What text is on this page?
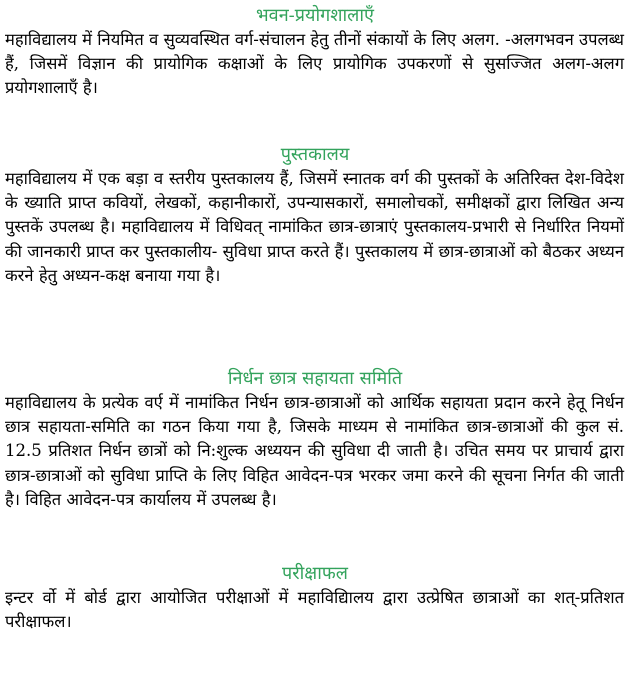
भवन-प्रयोगशालाएँ

महाविद्यालय में नियमित व सुव्यवस्थित वर्ग-संचालन हेतु तीनों संकायों के लिए अलग. -अलगभवन उपलब्ध हैं, जिसमें विज्ञान की प्रायोगिक कक्षाओं के लिए प्रायोगिक उपकरणों से सुसज्जित अलग-अलग प्रयोगशालाएँ है।

पुस्तकालय

महाविद्यालय में एक बड़ा व स्तरीय पुस्तकालय हैं, जिसमें स्नातक वर्ग की पुस्तकों के अतिरिक्त देश-विदेश के ख्याति प्राप्त कवियों, लेखकों, कहानीकारों, उपन्यासकारों, समालोचकों, समीक्षकों द्वारा लिखित अन्य पुस्तकें उपलब्ध है। महाविद्यालय में विधिवत् नामांकित छात्र-छात्राएं पुस्तकालय-प्रभारी से निर्धारित नियमों की जानकारी प्राप्त कर पुस्तकालीय- सुविधा प्राप्त करते हैं। पुस्तकालय में छात्र-छात्राओं को बैठकर अध्यन करने हेतु अध्यन-कक्ष बनाया गया है।

निर्धन छात्र सहायता समिति

महाविद्यालय के प्रत्येक वर्ए में नामांकित निर्धन छात्र-छात्राओं को आर्थिक सहायता प्रदान करने हेतू निर्धन छात्र सहायता-समिति का गठन किया गया है, जिसके माध्यम से नामांकित छात्र-छात्राओं की कुल सं. 12.5 प्रतिशत निर्धन छात्रों को नि:शुल्क अध्ययन की सुविधा दी जाती है। उचित समय पर प्राचार्य द्वारा छात्र-छात्राओं को सुविधा प्राप्ति के लिए विहित आवेदन-पत्र भरकर जमा करने की सूचना निर्गत की जाती है। विहित आवेदन-पत्र कार्यालय में उपलब्ध है।

परीक्षाफल

इन्टर र्वो में बोर्ड द्वारा आयोजित परीक्षाओं में महाविद्यिालय द्वारा उत्प्रेषित छात्राओं का शत्-प्रतिशत परीक्षाफल।
